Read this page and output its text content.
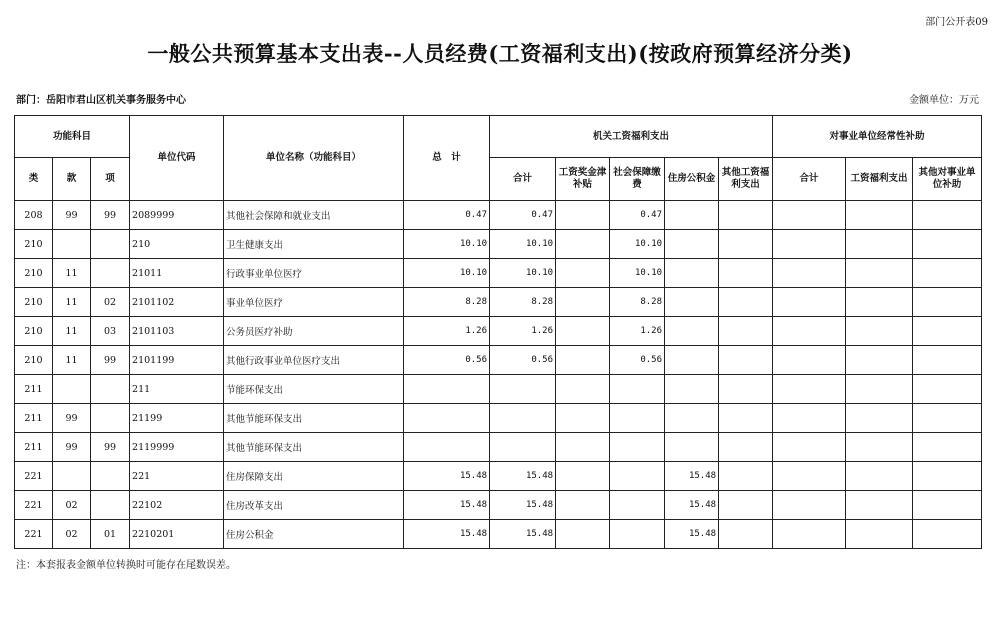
部门公开表09
一般公共预算基本支出表--人员经费(工资福利支出)(按政府预算经济分类)
部门：岳阳市君山区机关事务服务中心	金额单位：万元
功能科目			单位代码	单位名称（功能科目）	总　计	机关工资福利支出					对事业单位经常性补助		
类	款	项				合计	工资奖金津补贴	社会保障缴费	住房公积金	其他工资福利支出	合计	工资福利支出	其他对事业单位补助
208	99	99	2089999	其他社会保障和就业支出	0.47	0.47		0.47					
210			210	卫生健康支出	10.10	10.10		10.10					
210	11		21011	行政事业单位医疗	10.10	10.10		10.10					
210	11	02	2101102	事业单位医疗	8.28	8.28		8.28					
210	11	03	2101103	公务员医疗补助	1.26	1.26		1.26					
210	11	99	2101199	其他行政事业单位医疗支出	0.56	0.56		0.56					
211			211	节能环保支出									
211	99		21199	其他节能环保支出									
211	99	99	2119999	其他节能环保支出									
221			221	住房保障支出	15.48	15.48			15.48				
221	02		22102	住房改革支出	15.48	15.48			15.48				
221	02	01	2210201	住房公积金	15.48	15.48			15.48				
注：本套报表金额单位转换时可能存在尾数误差。
